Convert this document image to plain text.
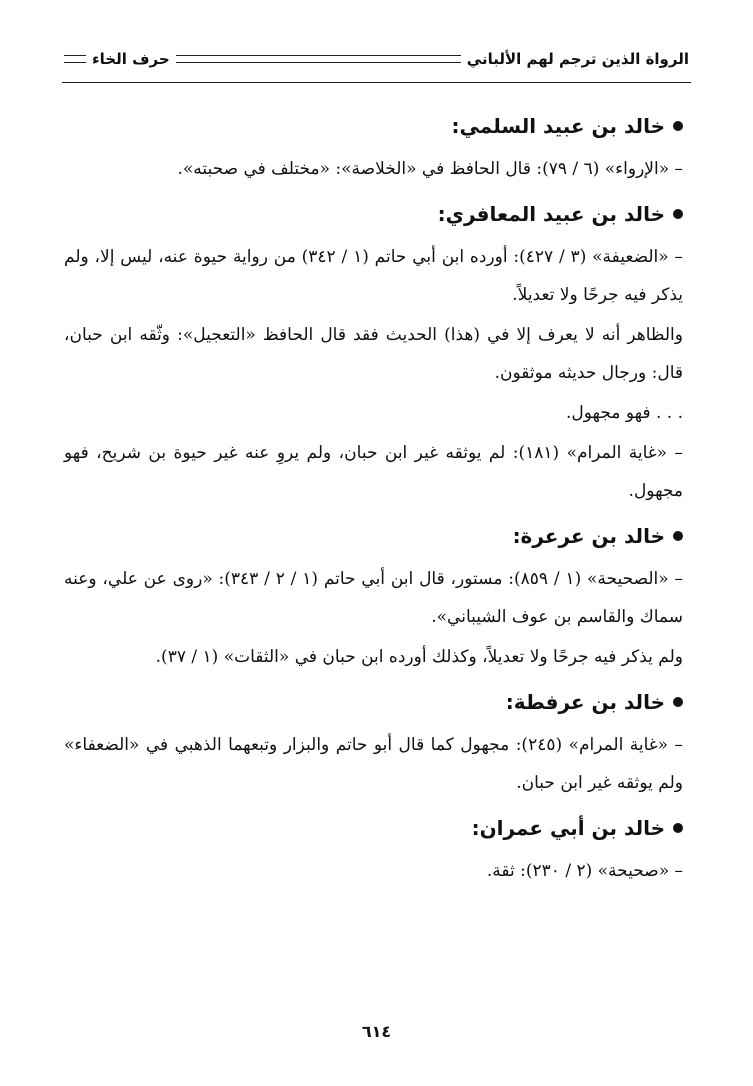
الرواة الذين ترجم لهم الألباني
حرف الخاء
خالد بن عبيد السلمي:

– «الإرواء» (٦ / ٧٩): قال الحافظ في «الخلاصة»: «مختلف في صحبته».

خالد بن عبيد المعافري:

– «الضعيفة» (٣ / ٤٢٧): أورده ابن أبي حاتم (١ / ٣٤٢) من رواية حيوة عنه، ليس إلا، ولم يذكر فيه جرحًا ولا تعديلاً.

والظاهر أنه لا يعرف إلا في (هذا) الحديث فقد قال الحافظ «التعجيل»: وثّقه ابن حبان، قال: ورجال حديثه موثقون.

. . . فهو مجهول.

– «غاية المرام» (١٨١): لم يوثقه غير ابن حبان، ولم يروِ عنه غير حيوة بن شريح، فهو مجهول.

خالد بن عرعرة:

– «الصحيحة» (١ / ٨٥٩): مستور، قال ابن أبي حاتم (١ / ٢ / ٣٤٣): «روى عن علي، وعنه سماك والقاسم بن عوف الشيباني».

ولم يذكر فيه جرحًا ولا تعديلاً، وكذلك أورده ابن حبان في «الثقات» (١ / ٣٧).

خالد بن عرفطة:

– «غاية المرام» (٢٤٥): مجهول كما قال أبو حاتم والبزار وتبعهما الذهبي في «الضعفاء» ولم يوثقه غير ابن حبان.

خالد بن أبي عمران:

– «صحيحة» (٢ / ٢٣٠): ثقة.

٦١٤
